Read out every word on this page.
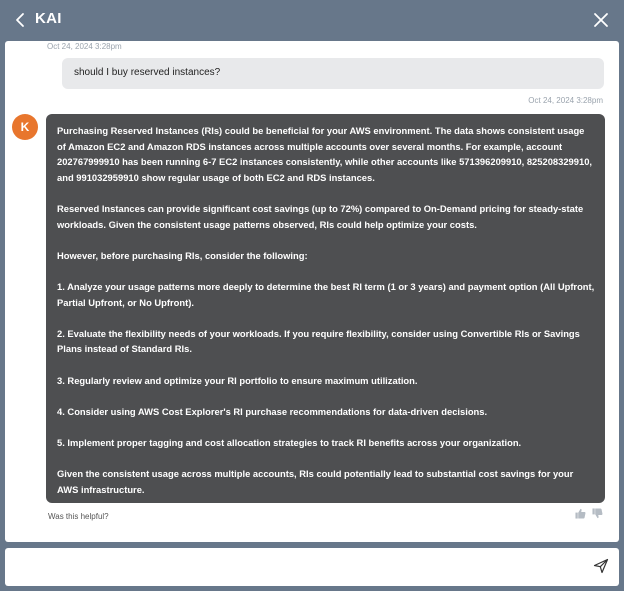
KAI
Oct 24, 2024 3:28pm
should I buy reserved instances?
Oct 24, 2024 3:28pm
K	Purchasing Reserved Instances (RIs) could be beneficial for your AWS environment. The data shows consistent usage of Amazon EC2 and Amazon RDS instances across multiple accounts over several months. For example, account 202767999910 has been running 6-7 EC2 instances consistently, while other accounts like 571396209910, 825208329910, and 991032959910 show regular usage of both EC2 and RDS instances.

Reserved Instances can provide significant cost savings (up to 72%) compared to On-Demand pricing for steady-state workloads. Given the consistent usage patterns observed, RIs could help optimize your costs.

However, before purchasing RIs, consider the following:

1. Analyze your usage patterns more deeply to determine the best RI term (1 or 3 years) and payment option (All Upfront, Partial Upfront, or No Upfront).

2. Evaluate the flexibility needs of your workloads. If you require flexibility, consider using Convertible RIs or Savings Plans instead of Standard RIs.

3. Regularly review and optimize your RI portfolio to ensure maximum utilization.

4. Consider using AWS Cost Explorer's RI purchase recommendations for data-driven decisions.

5. Implement proper tagging and cost allocation strategies to track RI benefits across your organization.

Given the consistent usage across multiple accounts, RIs could potentially lead to substantial cost savings for your AWS infrastructure.

Was this helpful?
